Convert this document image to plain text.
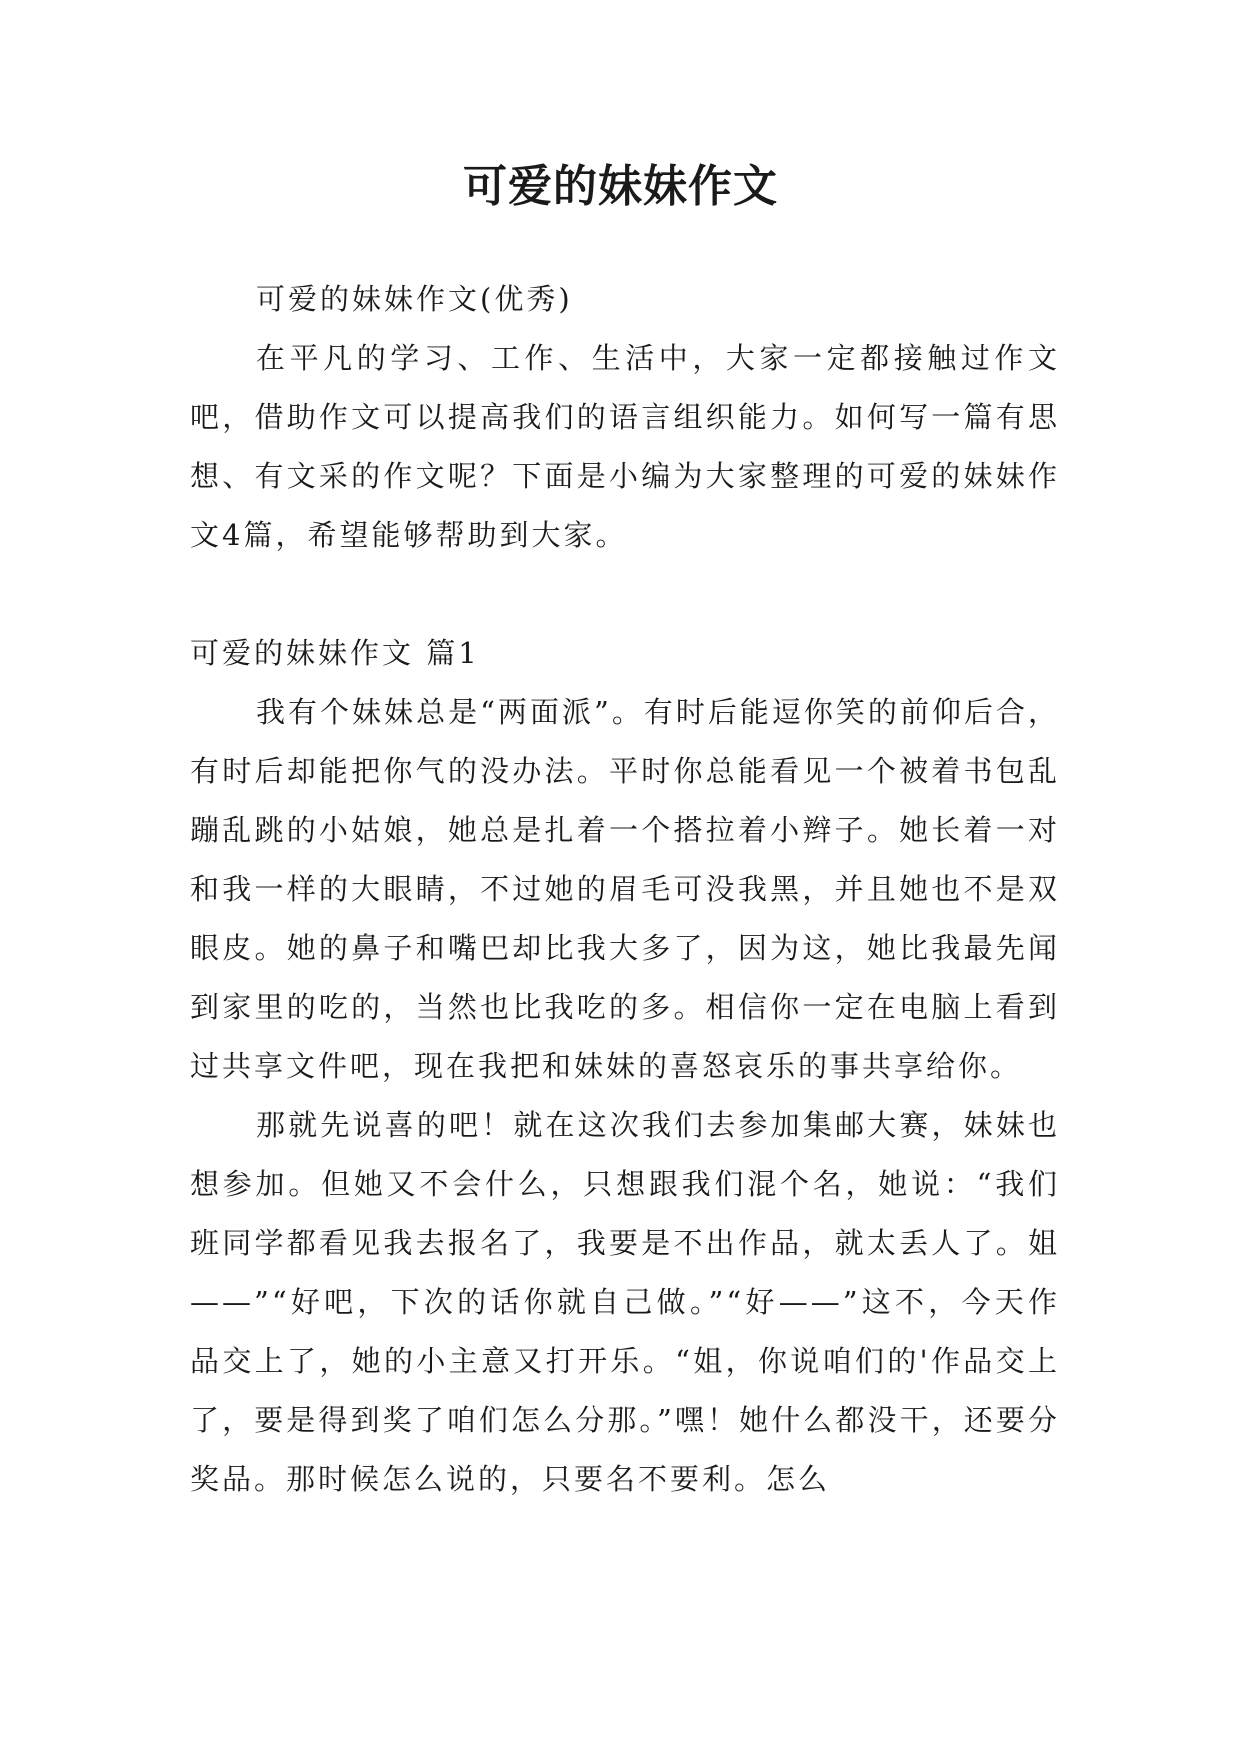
可爱的妹妹作文

可爱的妹妹作文(优秀)

在平凡的学习、工作、生活中，大家一定都接触过作文吧，借助作文可以提高我们的语言组织能力。如何写一篇有思想、有文采的作文呢？下面是小编为大家整理的可爱的妹妹作文4篇，希望能够帮助到大家。

可爱的妹妹作文 篇1

我有个妹妹总是“两面派”。有时后能逗你笑的前仰后合，有时后却能把你气的没办法。平时你总能看见一个被着书包乱蹦乱跳的小姑娘，她总是扎着一个搭拉着小辫子。她长着一对和我一样的大眼睛，不过她的眉毛可没我黑，并且她也不是双眼皮。她的鼻子和嘴巴却比我大多了，因为这，她比我最先闻到家里的吃的，当然也比我吃的多。相信你一定在电脑上看到过共享文件吧，现在我把和妹妹的喜怒哀乐的事共享给你。

那就先说喜的吧！就在这次我们去参加集邮大赛，妹妹也想参加。但她又不会什么，只想跟我们混个名，她说：“我们班同学都看见我去报名了，我要是不出作品，就太丢人了。姐——”“好吧，下次的话你就自己做。”“好——”这不，今天作品交上了，她的小主意又打开乐。“姐，你说咱们的'作品交上了，要是得到奖了咱们怎么分那。”嘿！她什么都没干，还要分奖品。那时候怎么说的，只要名不要利。怎么
